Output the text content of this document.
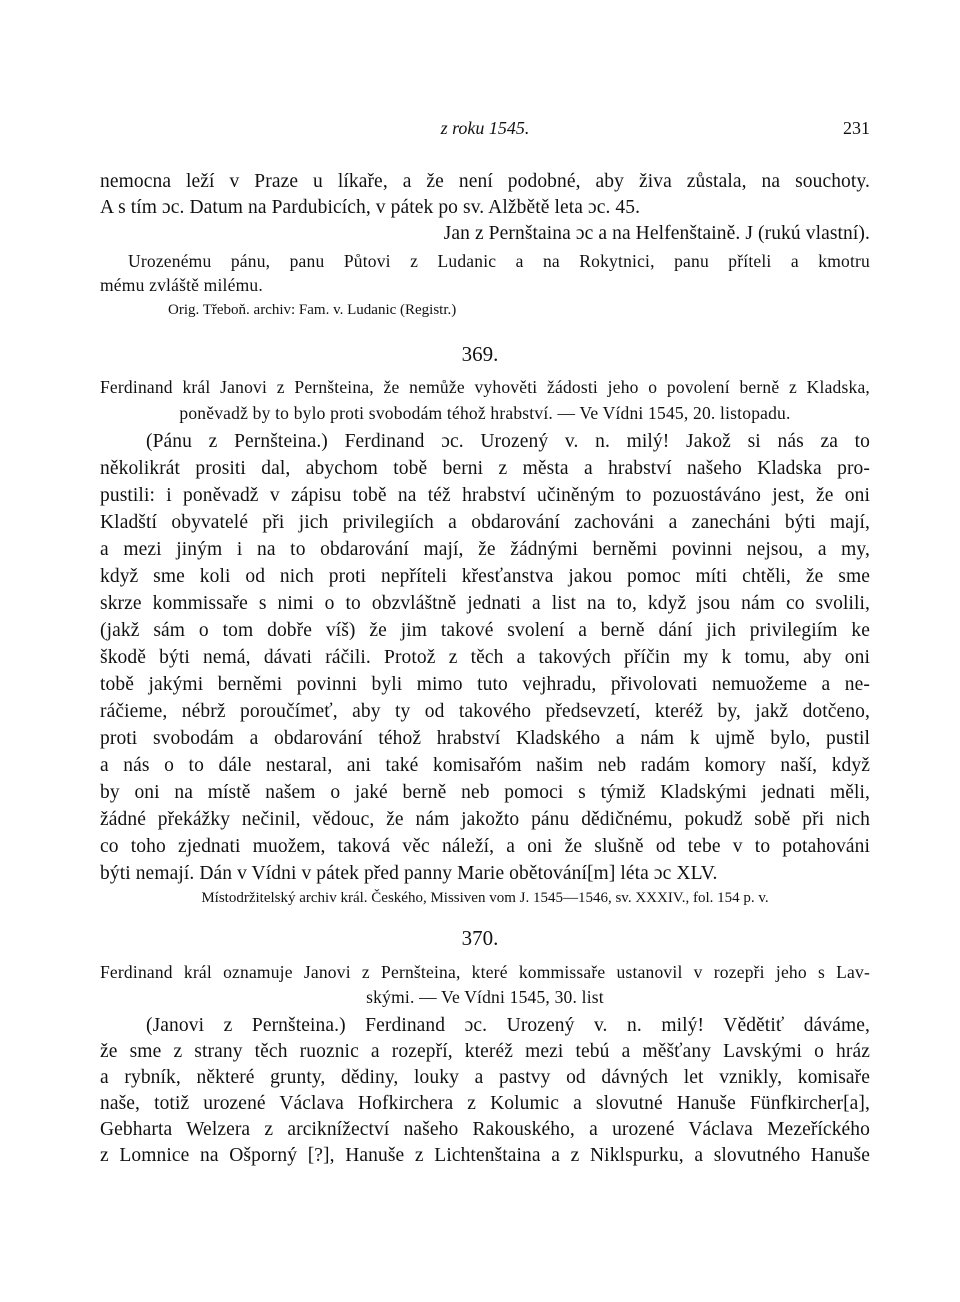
z roku 1545.	231
nemocna leží v Praze u líkaře, a že není podobné, aby živa zůstala, na souchoty.
A s tím ɔc. Datum na Pardubicích, v pátek po sv. Alžbětě leta ɔc. 45.
Jan z Pernštaina ɔc a na Helfenštaině. J (rukú vlastní).
Urozenému pánu, panu Půtovi z Ludanic a na Rokytnici, panu příteli a kmotru
mému zvláště milému.
Orig. Třeboň. archiv: Fam. v. Ludanic (Registr.)
369.
Ferdinand král Janovi z Pernšteina, že nemůže vyhověti žádosti jeho o povolení berně z Kladska,
poněvadž by to bylo proti svobodám téhož hrabství. — Ve Vídni 1545, 20. listopadu.
(Pánu z Pernšteina.) Ferdinand ɔc. Urozený v. n. milý! Jakož si nás za to
několikrát prositi dal, abychom tobě berni z města a hrabství našeho Kladska pro-
pustili: i poněvadž v zápisu tobě na též hrabství učiněným to pozuostáváno jest, že oni
Kladští obyvatelé při jich privilegiích a obdarování zachováni a zanecháni býti mají,
a mezi jiným i na to obdarování mají, že žádnými berněmi povinni nejsou, a my,
když sme koli od nich proti nepříteli křesťanstva jakou pomoc míti chtěli, že sme
skrze kommissaře s nimi o to obzvláštně jednati a list na to, když jsou nám co svolili,
(jakž sám o tom dobře víš) že jim takové svolení a berně dání jich privilegiím ke
škodě býti nemá, dávati ráčili. Protož z těch a takových příčin my k tomu, aby oni
tobě jakými berněmi povinni byli mimo tuto vejhradu, přivolovati nemuožeme a ne-
ráčieme, nébrž poroučímeť, aby ty od takového předsevzetí, kteréž by, jakž dotčeno,
proti svobodám a obdarování téhož hrabství Kladského a nám k ujmě bylo, pustil
a nás o to dále nestaral, ani také komisařóm našim neb radám komory naší, když
by oni na místě našem o jaké berně neb pomoci s týmiž Kladskými jednati měli,
žádné překážky nečinil, vědouc, že nám jakožto pánu dědičnému, pokudž sobě při nich
co toho zjednati muožem, taková věc náleží, a oni že slušně od tebe v to potahováni
býti nemají. Dán v Vídni v pátek před panny Marie obětování[m] léta ɔc XLV.
Místodržitelský archiv král. Českého, Missiven vom J. 1545—1546, sv. XXXIV., fol. 154 p. v.
370.
Ferdinand král oznamuje Janovi z Pernšteina, které kommissaře ustanovil v rozepři jeho s Lav-
skými. — Ve Vídni 1545, 30. list
(Janovi z Pernšteina.) Ferdinand ɔc. Urozený v. n. milý! Vědětiť dáváme,
že sme z strany těch ruoznic a rozepří, kteréž mezi tebú a měšťany Lavskými o hráz
a rybník, některé grunty, dědiny, louky a pastvy od dávných let vznikly, komisaře
naše, totiž urozené Václava Hofkirchera z Kolumic a slovutné Hanuše Fünfkircher[a],
Gebharta Welzera z arciknížectví našeho Rakouského, a urozené Václava Mezeříckého
z Lomnice na Ošporný [?], Hanuše z Lichtenštaina a z Niklspurku, a slovutného Hanuše
